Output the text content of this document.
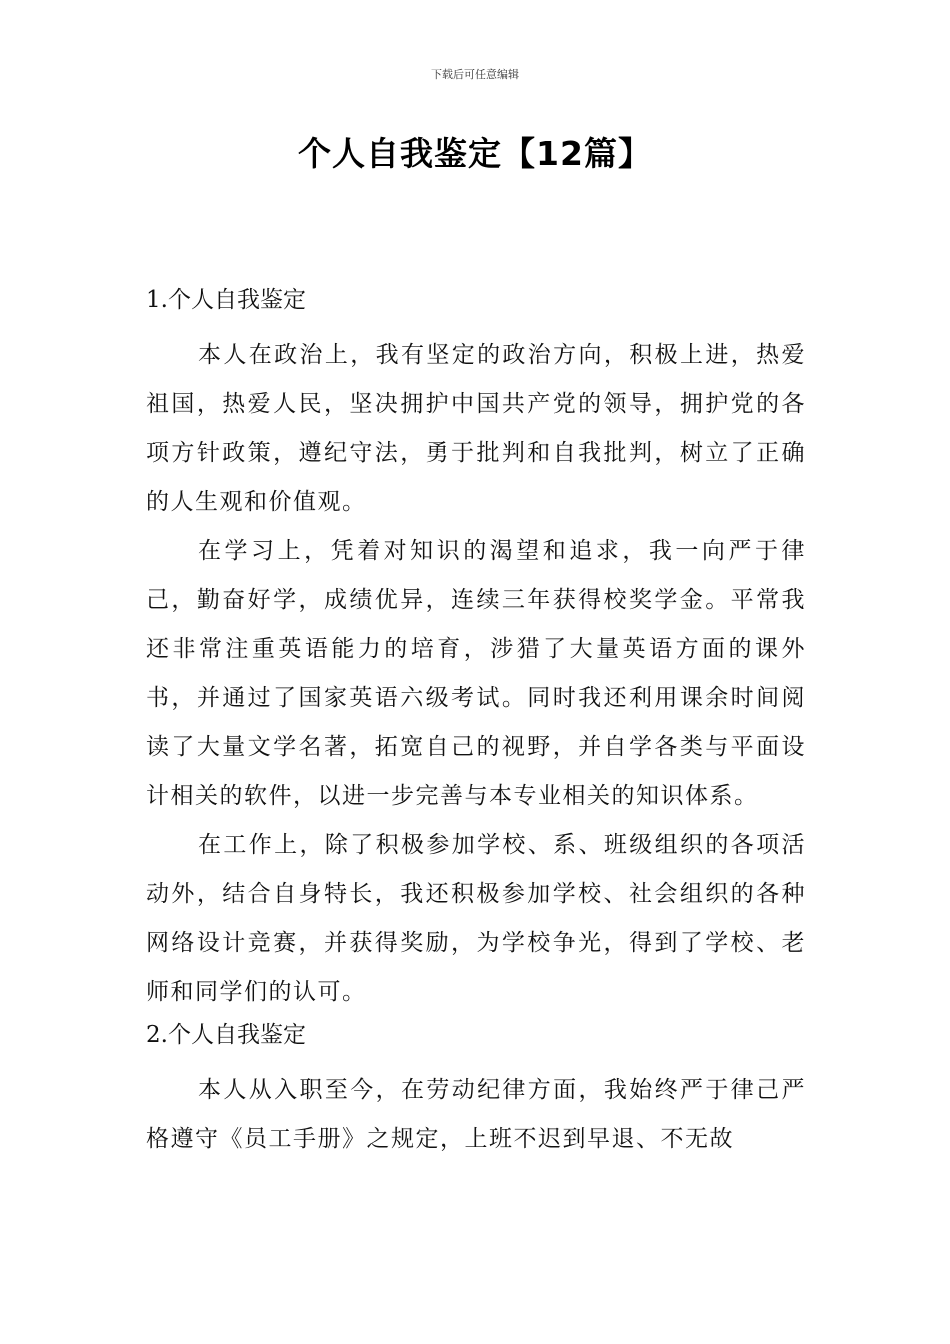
下载后可任意编辑
个人自我鉴定【12篇】
1.个人自我鉴定

本人在政治上，我有坚定的政治方向，积极上进，热爱祖国，热爱人民，坚决拥护中国共产党的领导，拥护党的各项方针政策，遵纪守法，勇于批判和自我批判，树立了正确的人生观和价值观。

在学习上，凭着对知识的渴望和追求，我一向严于律己，勤奋好学，成绩优异，连续三年获得校奖学金。平常我还非常注重英语能力的培育，涉猎了大量英语方面的课外书，并通过了国家英语六级考试。同时我还利用课余时间阅读了大量文学名著，拓宽自己的视野，并自学各类与平面设计相关的软件，以进一步完善与本专业相关的知识体系。

在工作上，除了积极参加学校、系、班级组织的各项活动外，结合自身特长，我还积极参加学校、社会组织的各种网络设计竞赛，并获得奖励，为学校争光，得到了学校、老师和同学们的认可。

2.个人自我鉴定

本人从入职至今，在劳动纪律方面，我始终严于律己严格遵守《员工手册》之规定，上班不迟到早退、不无故
